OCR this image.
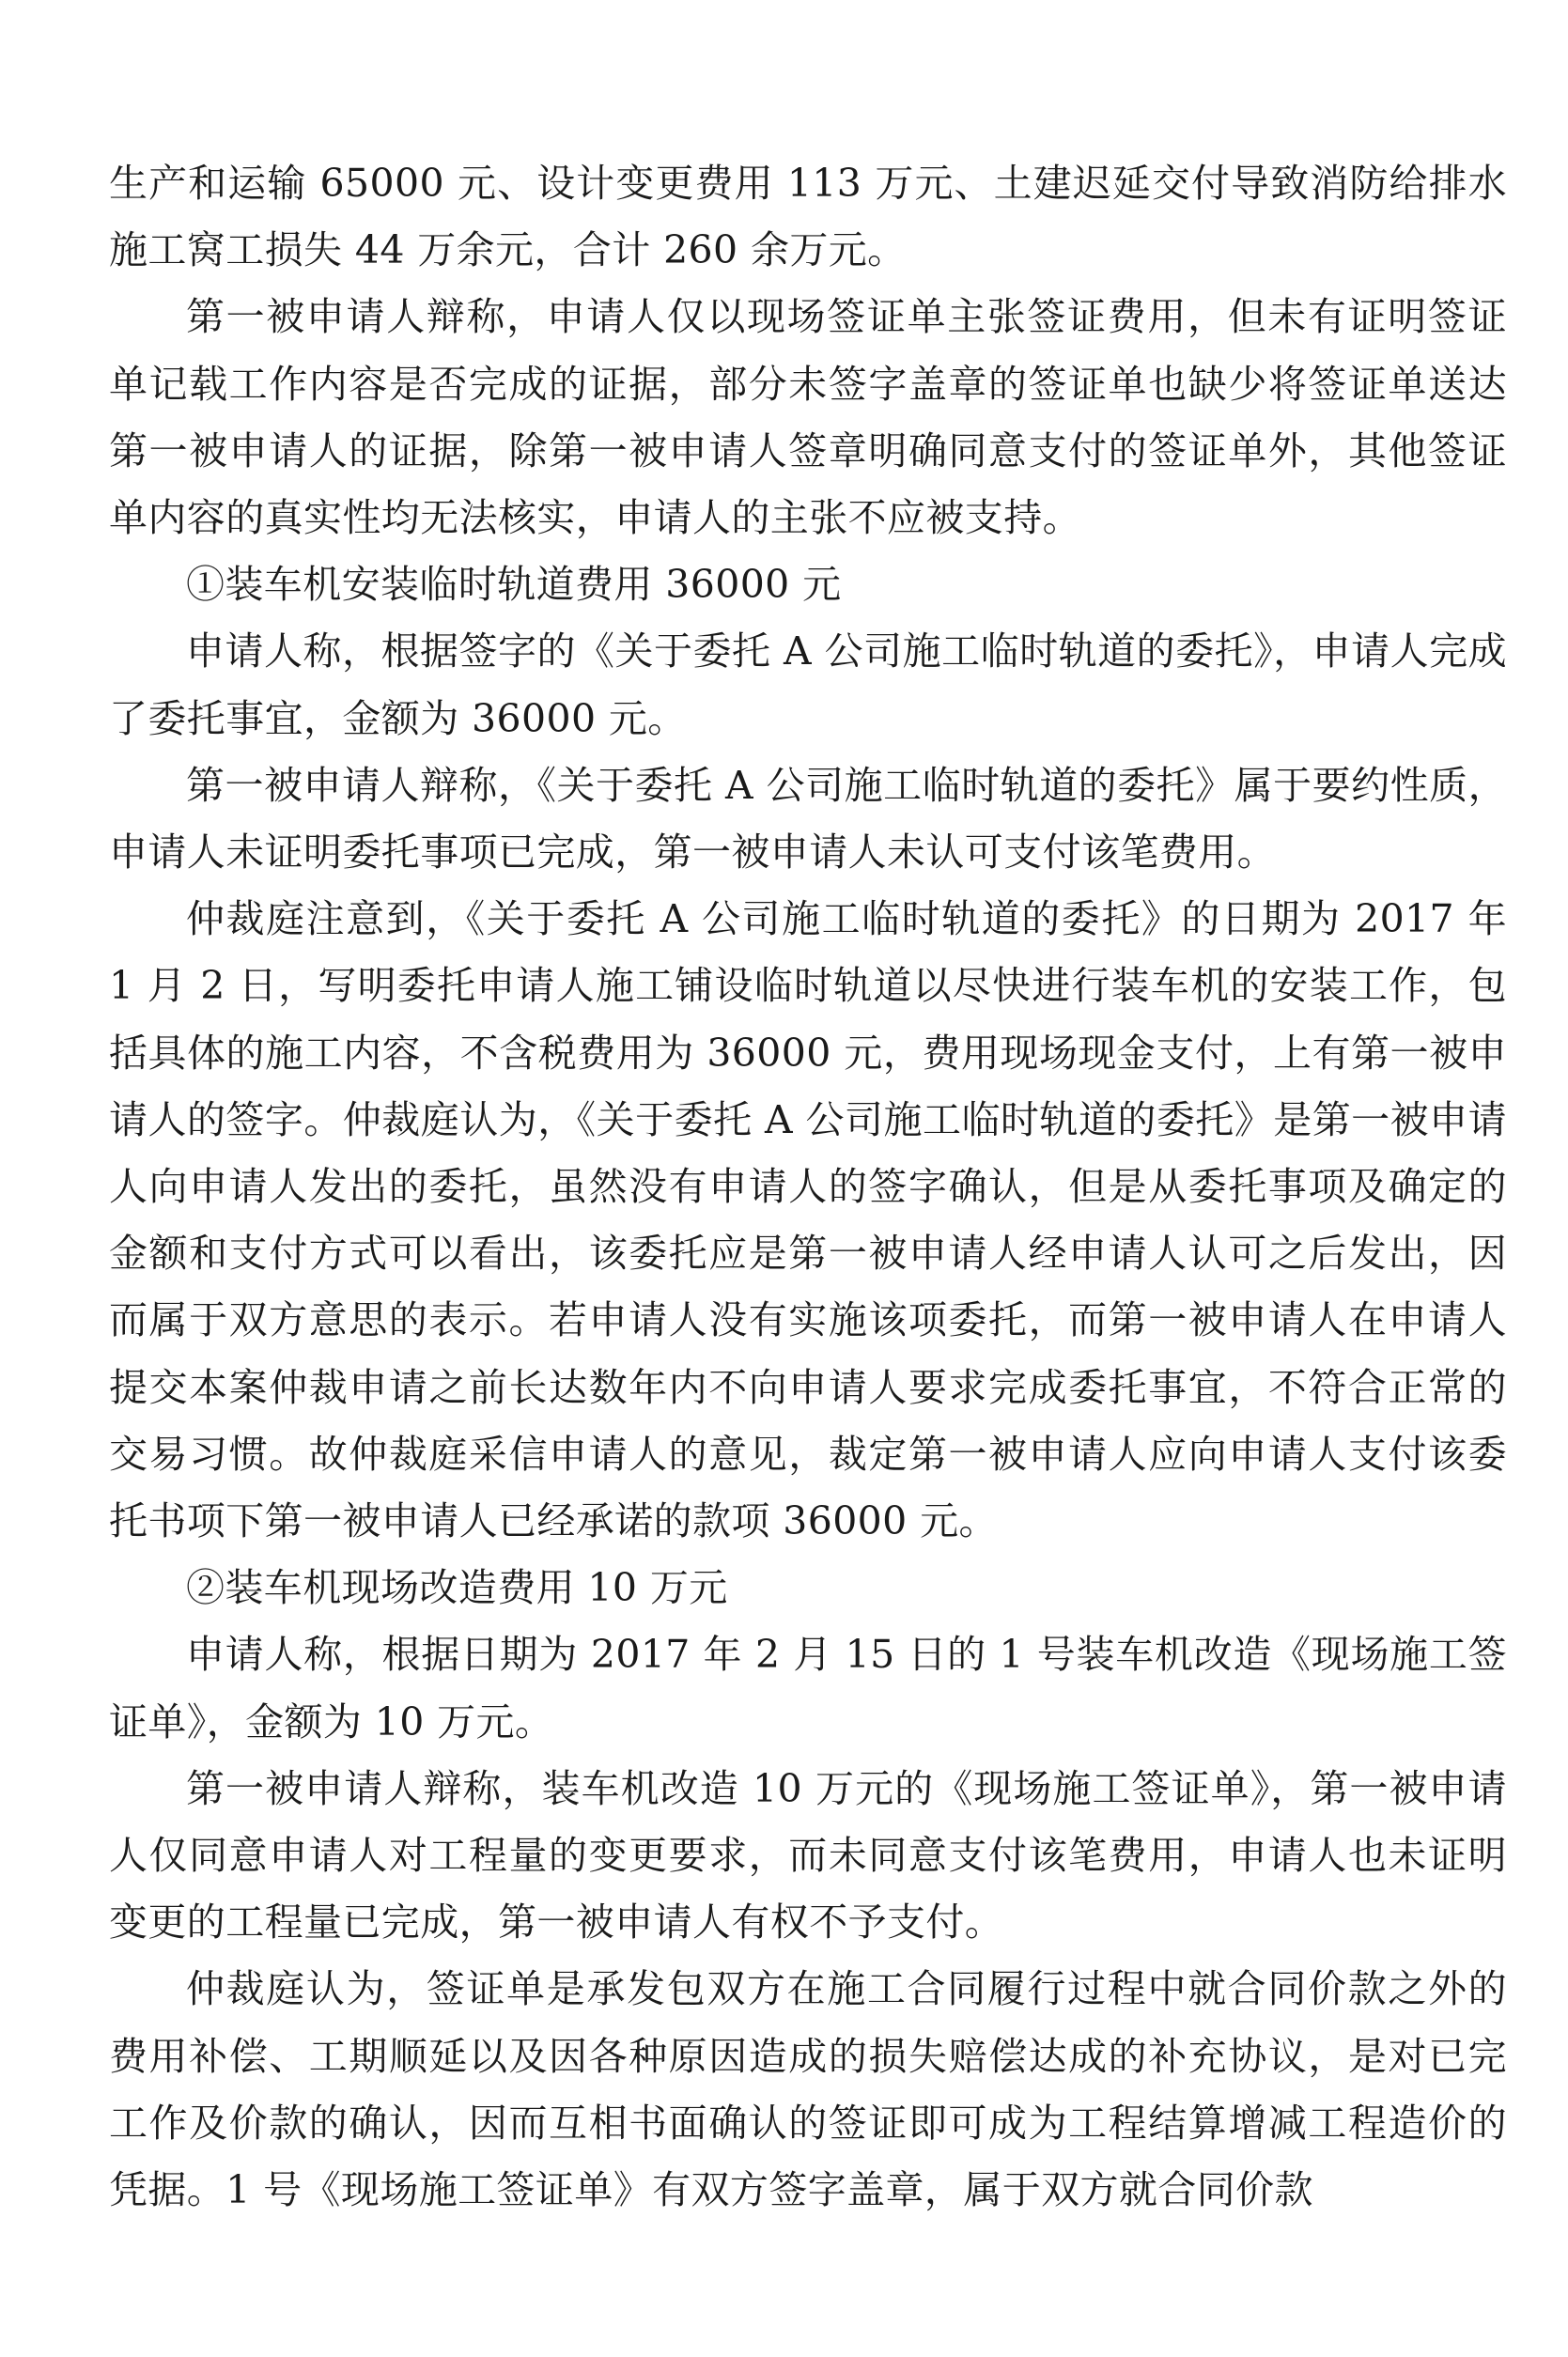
生产和运输 65000 元、设计变更费用 113 万元、土建迟延交付导致消防给排水施工窝工损失 44 万余元，合计 260 余万元。

第一被申请人辩称，申请人仅以现场签证单主张签证费用，但未有证明签证单记载工作内容是否完成的证据，部分未签字盖章的签证单也缺少将签证单送达第一被申请人的证据，除第一被申请人签章明确同意支付的签证单外，其他签证单内容的真实性均无法核实，申请人的主张不应被支持。

①装车机安装临时轨道费用 36000 元

申请人称，根据签字的《关于委托 A 公司施工临时轨道的委托》，申请人完成了委托事宜，金额为 36000 元。

第一被申请人辩称，《关于委托 A 公司施工临时轨道的委托》属于要约性质，申请人未证明委托事项已完成，第一被申请人未认可支付该笔费用。

仲裁庭注意到，《关于委托 A 公司施工临时轨道的委托》的日期为 2017 年 1 月 2 日，写明委托申请人施工铺设临时轨道以尽快进行装车机的安装工作，包括具体的施工内容，不含税费用为 36000 元，费用现场现金支付，上有第一被申请人的签字。仲裁庭认为，《关于委托 A 公司施工临时轨道的委托》是第一被申请人向申请人发出的委托，虽然没有申请人的签字确认，但是从委托事项及确定的金额和支付方式可以看出，该委托应是第一被申请人经申请人认可之后发出，因而属于双方意思的表示。若申请人没有实施该项委托，而第一被申请人在申请人提交本案仲裁申请之前长达数年内不向申请人要求完成委托事宜，不符合正常的交易习惯。故仲裁庭采信申请人的意见，裁定第一被申请人应向申请人支付该委托书项下第一被申请人已经承诺的款项 36000 元。

②装车机现场改造费用 10 万元

申请人称，根据日期为 2017 年 2 月 15 日的 1 号装车机改造《现场施工签证单》，金额为 10 万元。

第一被申请人辩称，装车机改造 10 万元的《现场施工签证单》，第一被申请人仅同意申请人对工程量的变更要求，而未同意支付该笔费用，申请人也未证明变更的工程量已完成，第一被申请人有权不予支付。

仲裁庭认为，签证单是承发包双方在施工合同履行过程中就合同价款之外的费用补偿、工期顺延以及因各种原因造成的损失赔偿达成的补充协议，是对已完工作及价款的确认，因而互相书面确认的签证即可成为工程结算增减工程造价的凭据。1 号《现场施工签证单》有双方签字盖章，属于双方就合同价款
